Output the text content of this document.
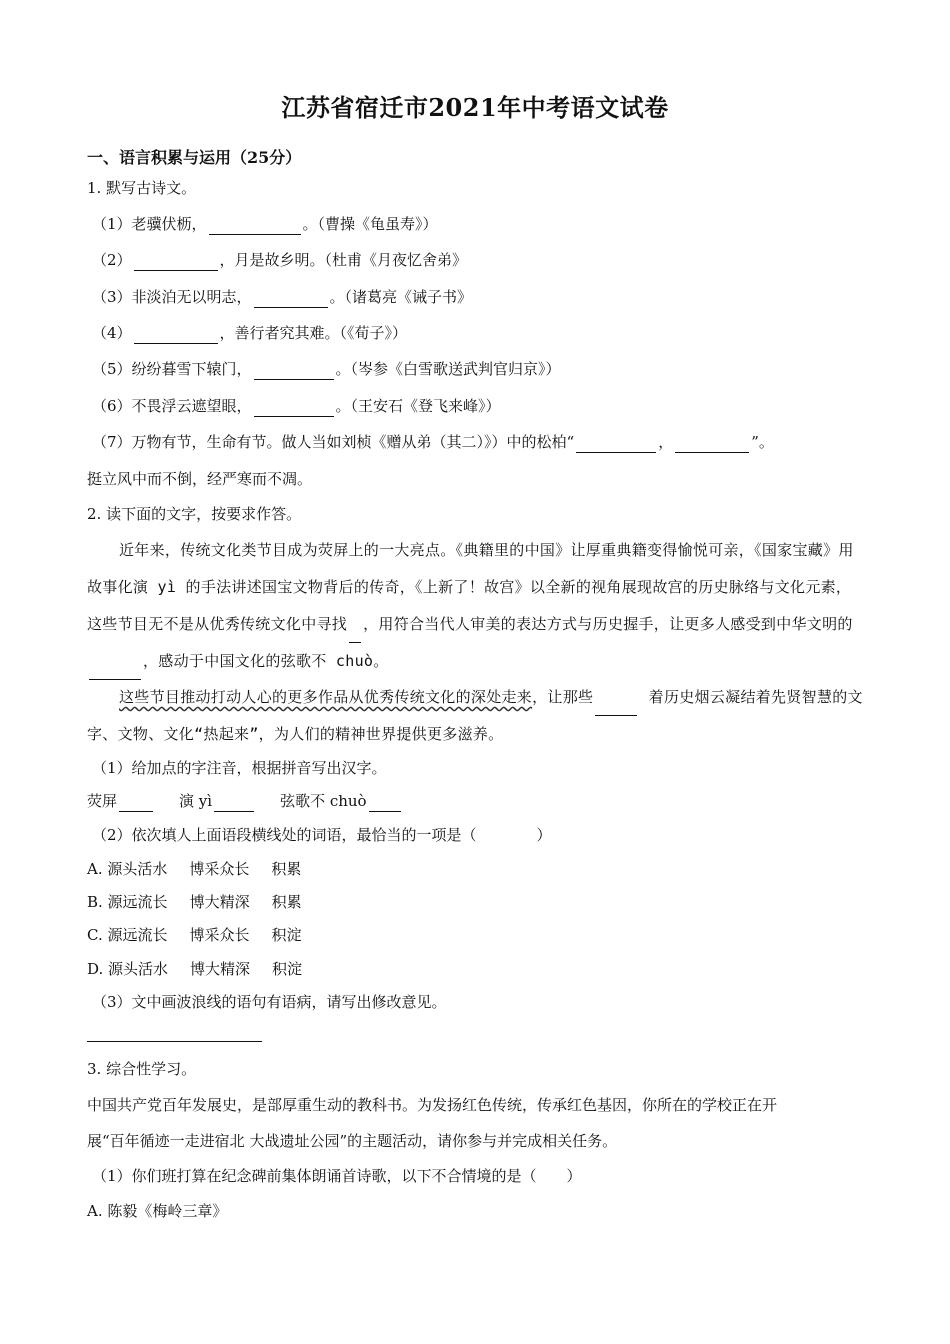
江苏省宿迁市2021年中考语文试卷
一、语言积累与运用（25分）
1. 默写古诗文。
（1）老骥伏枥，	。（曹操《龟虽寿》）
（2）	，月是故乡明。（杜甫《月夜忆舍弟》
（3）非淡泊无以明志，	。（诸葛亮《诫子书》
（4）	，善行者究其难。（《荀子》）
（5）纷纷暮雪下辕门，	。（岑参《白雪歌送武判官归京》）
（6）不畏浮云遮望眼，	。（王安石《登飞来峰》）
（7）万物有节，生命有节。做人当如刘桢《赠从弟（其二）》）中的松柏“	，	”。
挺立风中而不倒，经严寒而不凋。
2. 读下面的文字，按要求作答。
近年来，传统文化类节目成为荧屏上的一大亮点。《典籍里的中国》让厚重典籍变得愉悦可亲，《国家宝藏》用故事化演 yì 的手法讲述国宝文物背后的传奇，《上新了！故宫》以全新的视角展现故宫的历史脉络与文化元素，这些节目无不是从优秀传统文化中寻找 ，用符合当代人审美的表达方式与历史握手，让更多人感受到中华文明的，感动于中国文化的弦歌不 chuò。
这些节目推动打动人心的更多作品从优秀传统文化的深处走来，让那些	着历史烟云凝结着先贤智慧的文字、文物、文化“热起来”，为人们的精神世界提供更多滋养。
（1）给加点的字注音，根据拼音写出汉字。
荧屏	演 yì	弦歌不 chuò
（2）依次填人上面语段横线处的词语，最恰当的一项是（　　　　）
A. 源头活水 博采众长 积累
B. 源远流长 博大精深 积累
C. 源远流长 博采众长 积淀
D. 源头活水 博大精深 积淀
（3）文中画波浪线的语句有语病，请写出修改意见。
3. 综合性学习。
中国共产党百年发展史，是部厚重生动的教科书。为发扬红色传统，传承红色基因，你所在的学校正在开
展“百年循迹一走进宿北 大战遗址公园”的主题活动，请你参与并完成相关任务。
（1）你们班打算在纪念碑前集体朗诵首诗歌，以下不合情境的是（　　）
A. 陈毅《梅岭三章》
